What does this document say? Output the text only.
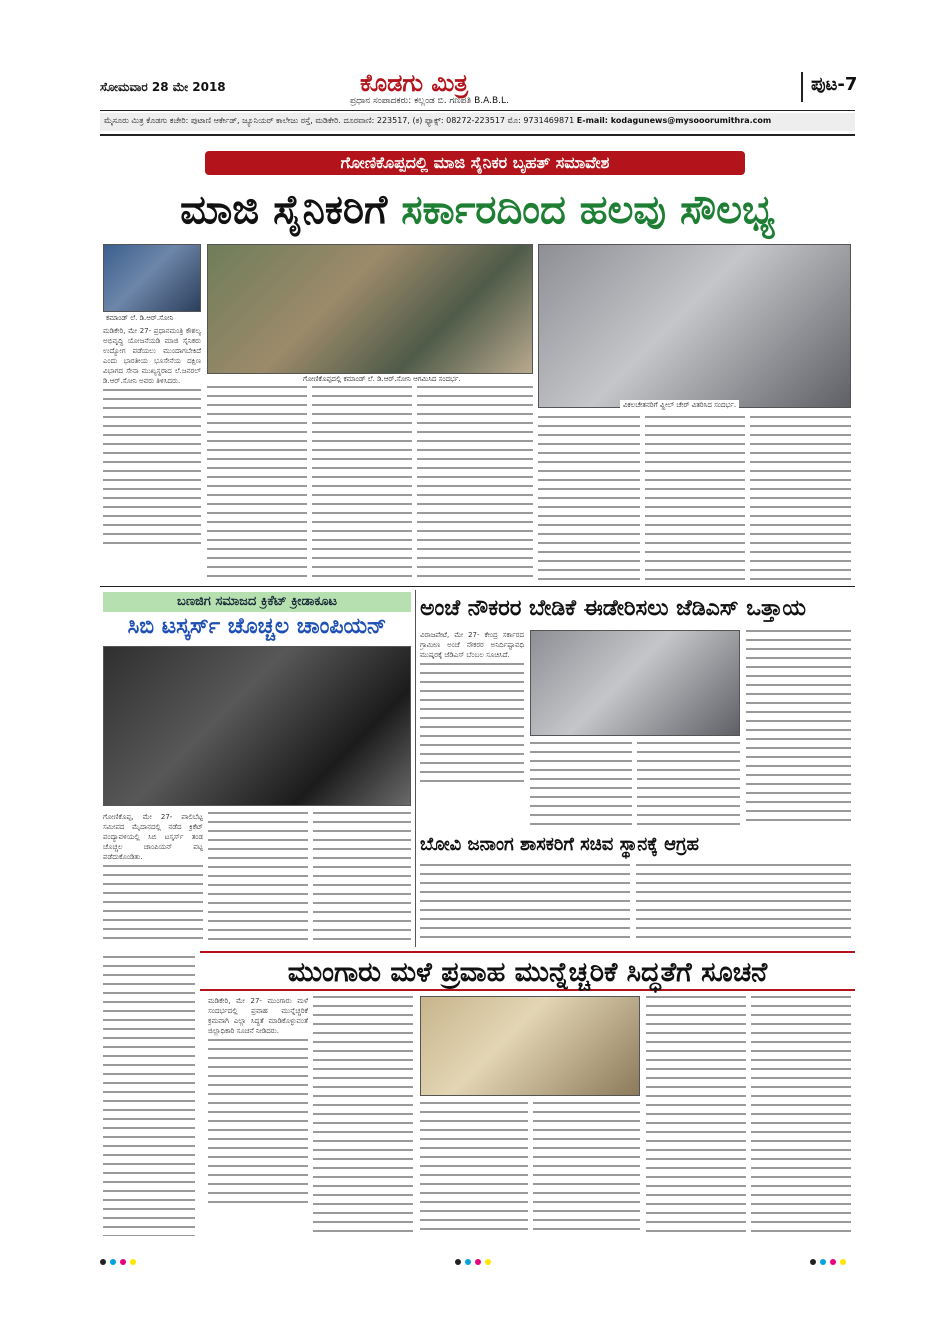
ಸೋಮವಾರ 28 ಮೇ 2018	ಕೊಡಗು ಮಿತ್ರ
ಪ್ರಧಾನ ಸಂಪಾದಕರು: ಕಲ್ಲಂಡ ಬಿ. ಗಣಪತಿ B.A.B.L.
ಪುಟ-7
ಮೈಸೂರು ಮಿತ್ರ ಕೊಡಗು ಕಚೇರಿ: ಪುಟಾಣಿ ಆರ್ಕೇಡ್, ಜ್ಯೂನಿಯರ್ ಕಾಲೇಜು ರಸ್ತೆ, ಮಡಿಕೇರಿ. ದೂರವಾಣಿ: 223517, (ಕ) ಫ್ಯಾಕ್ಸ್: 08272-223517 ಮೊ: 9731469871 E-mail: kodagunews@mysooorumithra.com
ಗೋಣಿಕೊಪ್ಪದಲ್ಲಿ ಮಾಜಿ ಸೈನಿಕರ ಬೃಹತ್ ಸಮಾವೇಶ
ಮಾಜಿ ಸೈನಿಕರಿಗೆ ಸರ್ಕಾರದಿಂದ ಹಲವು ಸೌಲಭ್ಯ
ಕಮಾಂಡ್ ಲೆ. ಡಿ.ಆರ್.ಸೋನಿ
ಗೋಣಿಕೊಪ್ಪದಲ್ಲಿ ಕಮಾಂಡ್ ಲೆ. ಡಿ.ಆರ್.ಸೋನಿ ಆಗಮಿಸಿದ ಸಂದರ್ಭ.
ವಿಕಲಚೇತನರಿಗೆ ವ್ಹೀಲ್ ಚೇರ್ ವಿತರಿಸಿದ ಸಂದರ್ಭ.

ಮಡಿಕೇರಿ, ಮೇ 27- ಪ್ರಧಾನಮಂತ್ರಿ ಕೌಶಲ್ಯ ಅಭಿವೃದ್ಧಿ ಯೋಜನೆಯಡಿ ಮಾಜಿ ಸೈನಿಕರು ಉದ್ಯೋಗ ಪಡೆಯಲು ಮುಂದಾಗಬೇಕಿದೆ ಎಂದು ಭಾರತೀಯ ಭೂಸೇನೆಯ ದಕ್ಷಿಣ ವಿಭಾಗದ ಸೇನಾ ಮುಖ್ಯಸ್ಥರಾದ ಲೆ.ಜನರಲ್ ಡಿ.ಆರ್.ಸೋನಿ ಅವರು ತಿಳಿಸಿದರು.

ಬಣಜಿಗ ಸಮಾಜದ ಕ್ರಿಕೆಟ್ ಕ್ರೀಡಾಕೂಟ
ಸಿಬಿ ಟಸ್ಕರ್ಸ್ ಚೊಚ್ಚಲ ಚಾಂಪಿಯನ್

ಗೋಣಿಕೊಪ್ಪ, ಮೇ 27- ಪಾಲಿಬೆಟ್ಟ ಸಮೀಪದ ಮೈದಾನದಲ್ಲಿ ನಡೆದ ಕ್ರಿಕೆಟ್ ಪಂದ್ಯಾವಳಿಯಲ್ಲಿ ಸಿಬಿ ಟಸ್ಕರ್ಸ್ ತಂಡ ಚೊಚ್ಚಲ ಚಾಂಪಿಯನ್ ಪಟ್ಟ ಪಡೆದುಕೊಂಡಿತು.

ಅಂಚೆ ನೌಕರರ ಬೇಡಿಕೆ ಈಡೇರಿಸಲು ಜೆಡಿಎಸ್ ಒತ್ತಾಯ

ವಿರಾಜಪೇಟೆ, ಮೇ 27- ಕೇಂದ್ರ ಸರ್ಕಾರದ ಗ್ರಾಮೀಣ ಅಂಚೆ ನೌಕರರ ಅನಿರ್ದಿಷ್ಟಾವಧಿ ಮುಷ್ಕರಕ್ಕೆ ಜೆಡಿಎಸ್ ಬೆಂಬಲ ಸೂಚಿಸಿದೆ.

ಬೋವಿ ಜನಾಂಗ ಶಾಸಕರಿಗೆ ಸಚಿವ ಸ್ಥಾನಕ್ಕೆ ಆಗ್ರಹ
ಮುಂಗಾರು ಮಳೆ ಪ್ರವಾಹ ಮುನ್ನೆಚ್ಚರಿಕೆ ಸಿದ್ಧತೆಗೆ ಸೂಚನೆ

ಮಡಿಕೇರಿ, ಮೇ 27- ಮುಂಗಾರು ಮಳೆ ಸಂದರ್ಭದಲ್ಲಿ ಪ್ರವಾಹ ಮುನ್ನೆಚ್ಚರಿಕೆ ಕ್ರಮವಾಗಿ ಎಲ್ಲಾ ಸಿದ್ಧತೆ ಮಾಡಿಕೊಳ್ಳುವಂತೆ ಜಿಲ್ಲಾಧಿಕಾರಿ ಸೂಚನೆ ನೀಡಿದರು.
